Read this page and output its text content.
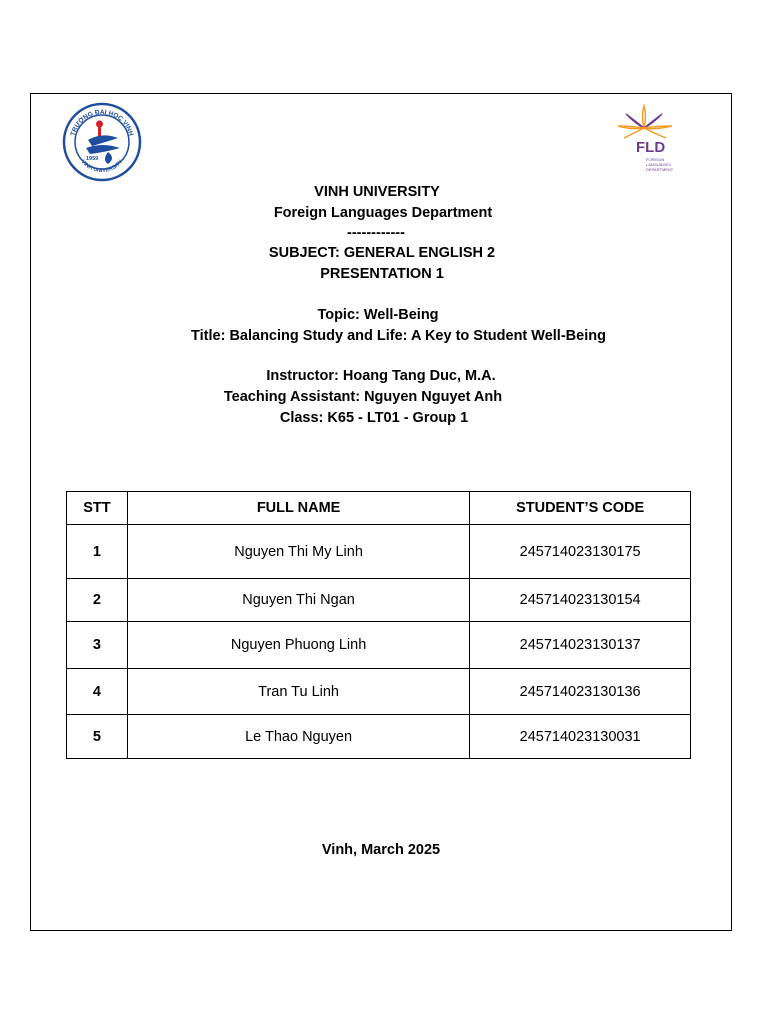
TRƯỜNG ĐẠI HỌC VINH
VINH UNIVERSITY
1959
FLD
FOREIGN
LANGUAGES
DEPARTMENT
VINH UNIVERSITY
Foreign Languages Department
------------
SUBJECT: GENERAL ENGLISH 2
PRESENTATION 1
Topic: Well-Being
Title: Balancing Study and Life: A Key to Student Well-Being
Instructor: Hoang Tang Duc, M.A.
Teaching Assistant: Nguyen Nguyet Anh
Class: K65 - LT01 - Group 1
STT	FULL NAME	STUDENT’S CODE
1	Nguyen Thi My Linh	245714023130175
2	Nguyen Thi Ngan	245714023130154
3	Nguyen Phuong Linh	245714023130137
4	Tran Tu Linh	245714023130136
5	Le Thao Nguyen	245714023130031
Vinh, March 2025
